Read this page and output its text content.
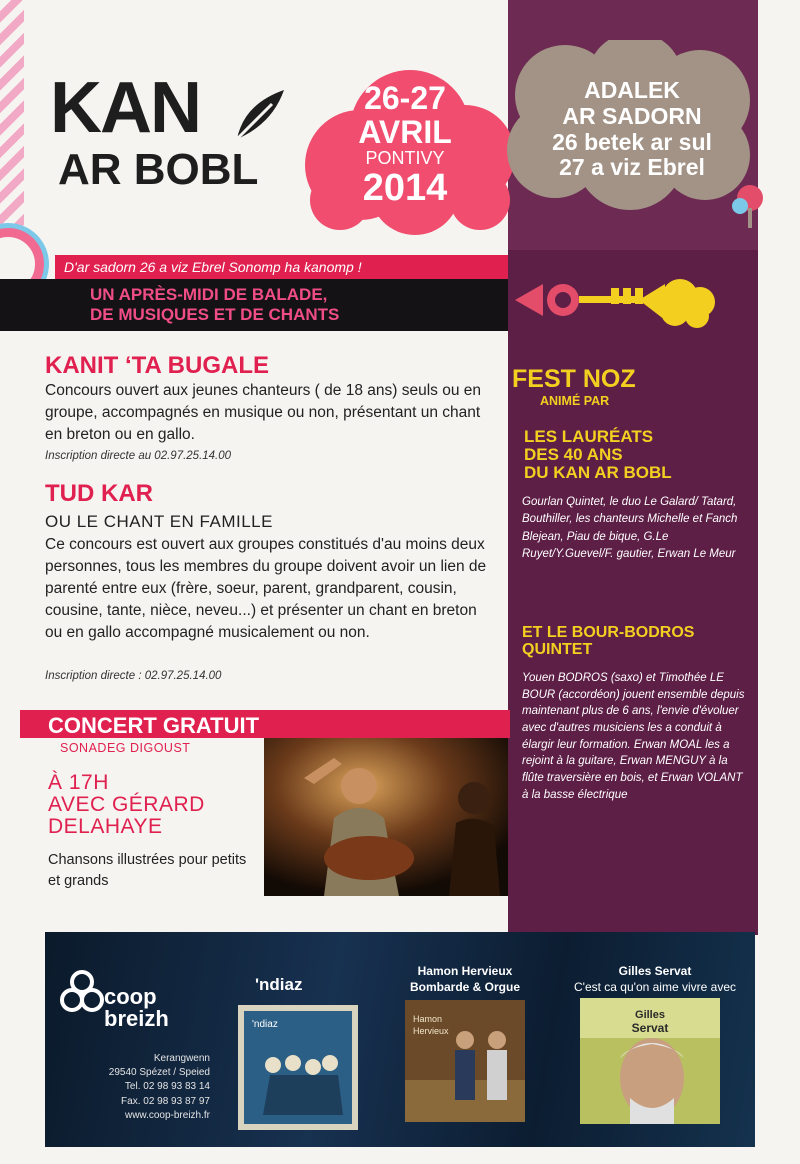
KAN
AR BOBL
26-27
AVRIL
PONTIVY
2014
ADALEK
AR SADORN
26 betek ar sul
27 a viz Ebrel
D'ar sadorn 26 a viz Ebrel Sonomp ha kanomp !
UN APRÈS-MIDI DE BALADE,
DE MUSIQUES ET DE CHANTS
KANIT ‘TA BUGALE
Concours ouvert aux jeunes chanteurs ( de 18 ans) seuls ou en groupe, accompagnés en musique ou non, présentant un chant en breton ou en gallo.
Inscription directe au 02.97.25.14.00
TUD KAR
OU LE CHANT EN FAMILLE
Ce concours est ouvert aux groupes constitués d'au moins deux personnes, tous les membres du groupe doivent avoir un lien de parenté entre eux (frère, soeur, parent, grandparent, cousin, cousine, tante, nièce, neveu...) et présenter un chant en breton ou en gallo accompagné musicalement ou non.
Inscription directe : 02.97.25.14.00
CONCERT GRATUIT
SONADEG DIGOUST
À 17H
AVEC GÉRARD
DELAHAYE
Chansons illustrées pour petits et grands
FEST NOZ
ANIMÉ PAR
LES LAURÉATS
DES 40 ANS
DU KAN AR BOBL
Gourlan Quintet, le duo Le Galard/ Tatard, Bouthiller, les chanteurs Michelle et Fanch Blejean, Piau de bique, G.Le Ruyet/Y.Guevel/F. gautier, Erwan Le Meur
ET LE BOUR-BODROS
QUINTET
Youen BODROS (saxo) et Timothée LE BOUR (accordéon) jouent ensemble depuis maintenant plus de 6 ans, l'envie d'évoluer avec d'autres musiciens les a conduit à élargir leur formation. Erwan MOAL les a rejoint à la guitare, Erwan MENGUY à la flûte traversière en bois, et Erwan VOLANT à la basse électrique
coop
breizh
Kerangwenn
29540 Spézet / Speied
Tel. 02 98 93 83 14
Fax. 02 98 93 87 97
www.coop-breizh.fr
'ndiaz
'ndiaz
Hamon Hervieux
Bombarde & Orgue
Hamon
Hervieux
Gilles Servat
C'est ca qu'on aime vivre avec
Gilles
Servat
